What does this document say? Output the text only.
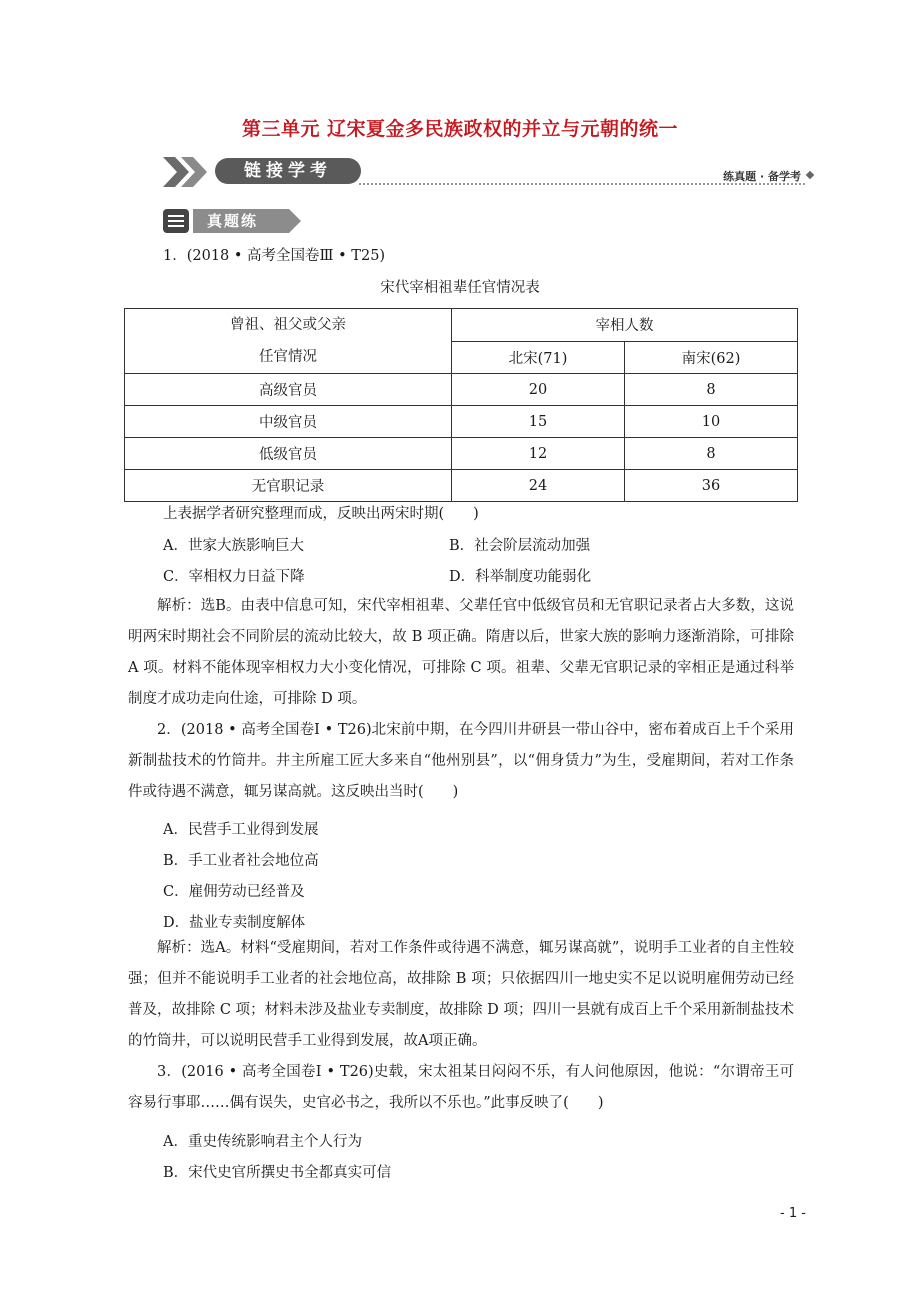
第三单元 辽宋夏金多民族政权的并立与元朝的统一
链接学考	练真题 · 备学考
真题练
1．(2018 • 高考全国卷Ⅲ • T25)
宋代宰相祖辈任官情况表
曾祖、祖父或父亲
任官情况	宰相人数	
	北宋(71)	南宋(62)
高级官员	20	8
中级官员	15	10
低级官员	12	8
无官职记录	24	36
上表据学者研究整理而成，反映出两宋时期(　　)
A．世家大族影响巨大	B．社会阶层流动加强
C．宰相权力日益下降	D．科举制度功能弱化
解析：选B。由表中信息可知，宋代宰相祖辈、父辈任官中低级官员和无官职记录者占大多数，这说明两宋时期社会不同阶层的流动比较大，故 B 项正确。隋唐以后，世家大族的影响力逐渐消除，可排除 A 项。材料不能体现宰相权力大小变化情况，可排除 C 项。祖辈、父辈无官职记录的宰相正是通过科举制度才成功走向仕途，可排除 D 项。
2．(2018 • 高考全国卷Ⅰ • T26)北宋前中期，在今四川井研县一带山谷中，密布着成百上千个采用新制盐技术的竹筒井。井主所雇工匠大多来自“他州别县”，以“佣身赁力”为生，受雇期间，若对工作条件或待遇不满意，辄另谋高就。这反映出当时(　　)
A．民营手工业得到发展
B．手工业者社会地位高
C．雇佣劳动已经普及
D．盐业专卖制度解体
解析：选A。材料“受雇期间，若对工作条件或待遇不满意，辄另谋高就”，说明手工业者的自主性较强；但并不能说明手工业者的社会地位高，故排除 B 项；只依据四川一地史实不足以说明雇佣劳动已经普及，故排除 C 项；材料未涉及盐业专卖制度，故排除 D 项；四川一县就有成百上千个采用新制盐技术的竹筒井，可以说明民营手工业得到发展，故A项正确。
3．(2016 • 高考全国卷Ⅰ • T26)史载，宋太祖某日闷闷不乐，有人问他原因，他说：“尔谓帝王可容易行事耶……偶有误失，史官必书之，我所以不乐也。”此事反映了(　　)
A．重史传统影响君主个人行为
B．宋代史官所撰史书全都真实可信
- 1 -
